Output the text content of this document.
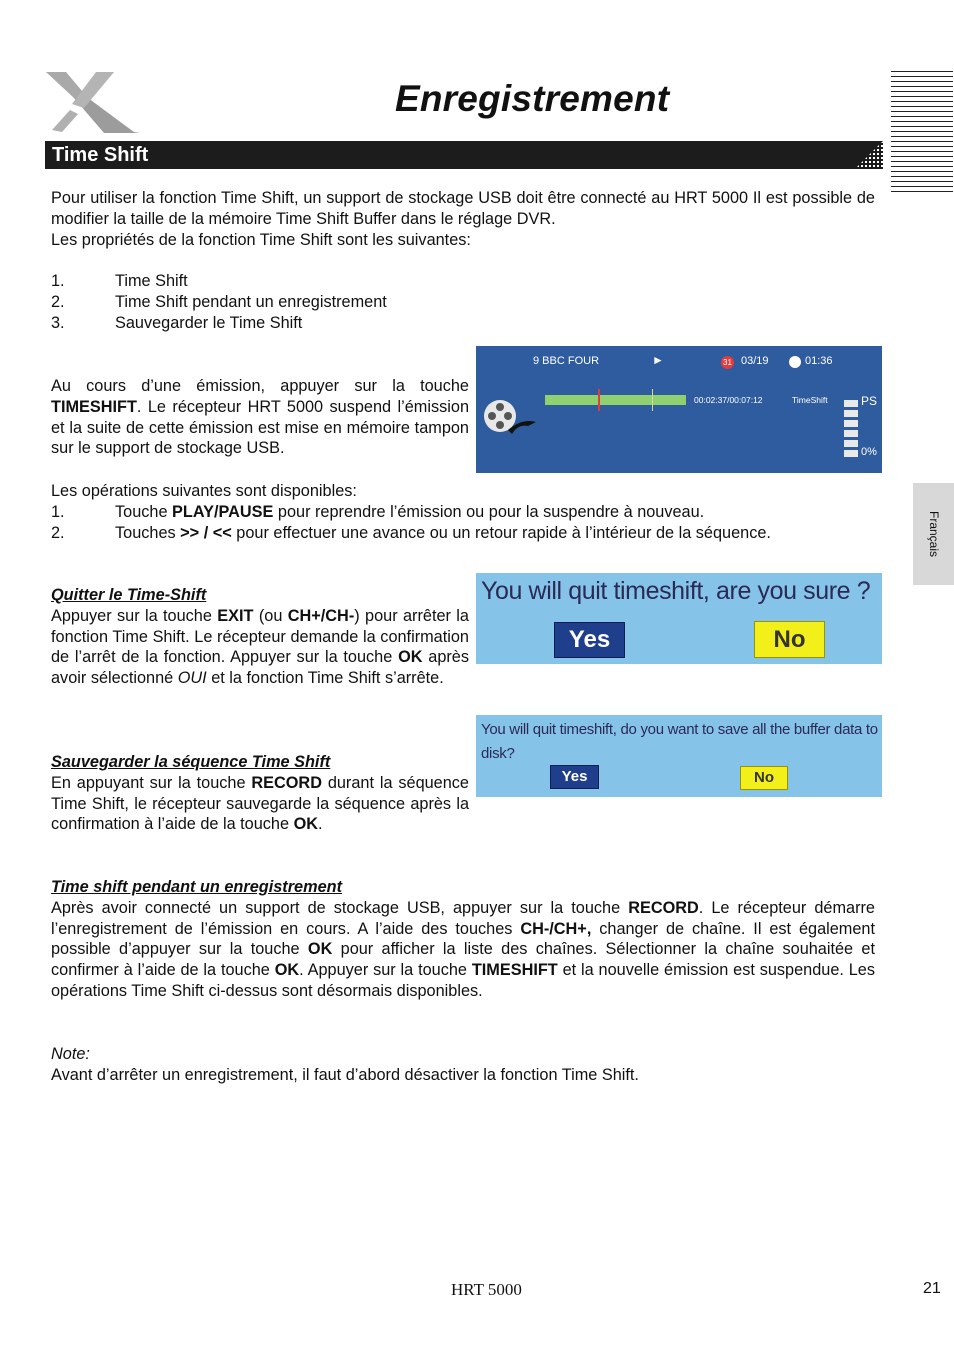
Enregistrement
Time Shift
Français

Pour utiliser la fonction Time Shift, un support de stockage USB doit être connecté au HRT 5000 Il est possible de modifier la taille de la mémoire Time Shift Buffer dans le réglage DVR.
Les propriétés de la fonction Time Shift sont les suivantes:

1.	Time Shift
2.	Time Shift pendant un enregistrement
3.	Sauvegarder le Time Shift

Au cours d’une émission, appuyer sur la touche TIMESHIFT. Le récepteur HRT 5000 suspend l’émission et la suite de cette émission est mise en mémoire tampon sur le support de stockage USB.

9 BBC FOUR	►	31 03/19	01:36
00:02:37/00:07:12	TimeShift	PS
0%
Les opérations suivantes sont disponibles:
1.	Touche PLAY/PAUSE pour reprendre l’émission ou pour la suspendre à nouveau.
2.	Touches >> / << pour effectuer une avance ou un retour rapide à l’intérieur de la séquence.
Quitter le Time-Shift
Appuyer sur la touche EXIT (ou CH+/CH-) pour arrêter la fonction Time Shift. Le récepteur demande la confirmation de l’arrêt de la fonction. Appuyer sur la touche OK après avoir sélectionné OUI et la fonction Time Shift s’arrête.
You will quit timeshift, are you sure ?
Yes	No
You will quit timeshift, do you want to save all the buffer data to disk?
Yes	No
Sauvegarder la séquence Time Shift
En appuyant sur la touche RECORD durant la séquence Time Shift, le récepteur sauvegarde la séquence après la confirmation à l’aide de la touche OK.
Time shift pendant un enregistrement
Après avoir connecté un support de stockage USB, appuyer sur la touche RECORD. Le récepteur démarre l’enregistrement de l’émission en cours. A l’aide des touches CH-/CH+, changer de chaîne. Il est également possible d’appuyer sur la touche OK pour afficher la liste des chaînes. Sélectionner la chaîne souhaitée et confirmer à l’aide de la touche OK. Appuyer sur la touche TIMESHIFT et la nouvelle émission est suspendue. Les opérations Time Shift ci-dessus sont désormais disponibles.
Note:
Avant d’arrêter un enregistrement, il faut d’abord désactiver la fonction Time Shift.
HRT 5000	21
